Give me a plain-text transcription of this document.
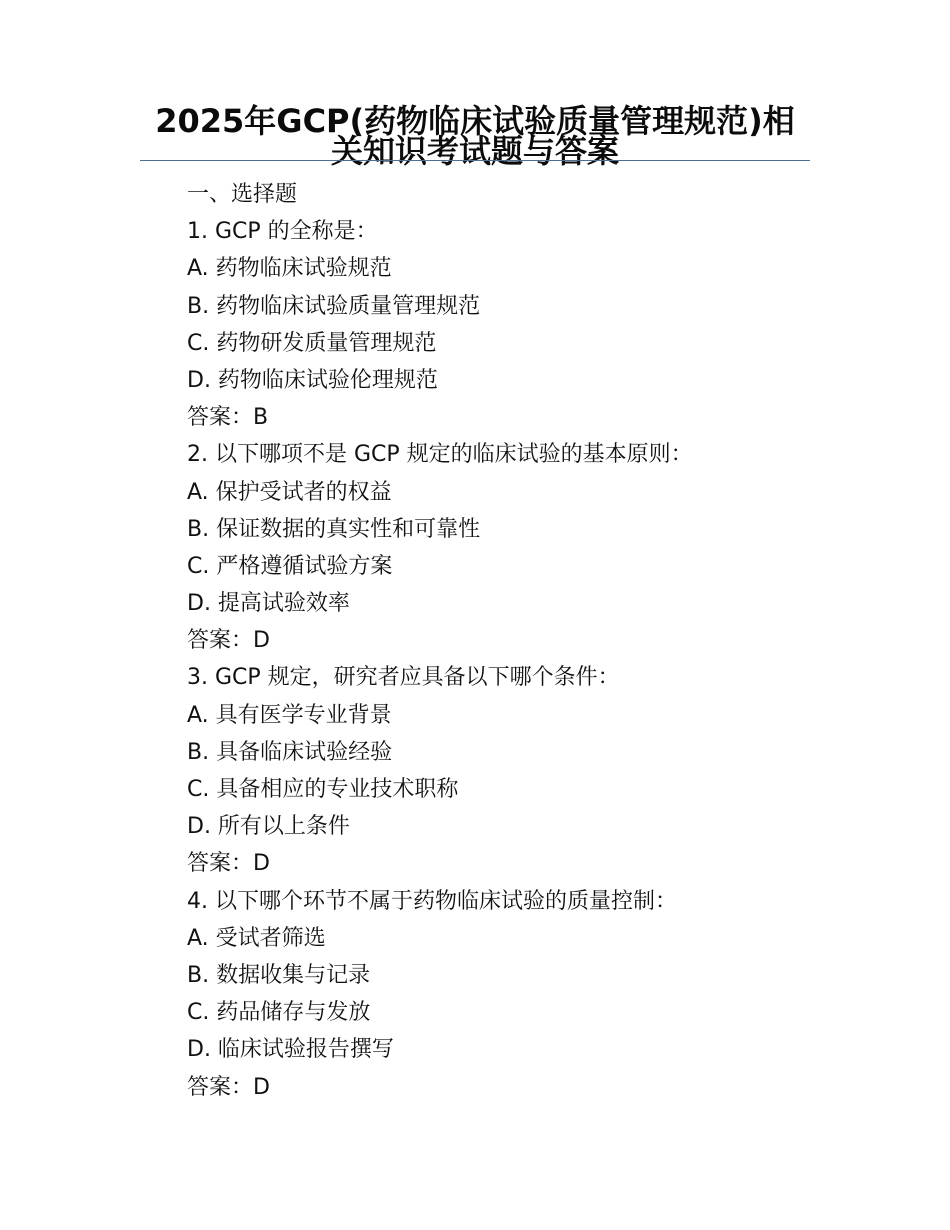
2025年GCP(药物临床试验质量管理规范)相关知识考试题与答案
一、选择题
1. GCP 的全称是：
A. 药物临床试验规范
B. 药物临床试验质量管理规范
C. 药物研发质量管理规范
D. 药物临床试验伦理规范
答案：B
2. 以下哪项不是 GCP 规定的临床试验的基本原则：
A. 保护受试者的权益
B. 保证数据的真实性和可靠性
C. 严格遵循试验方案
D. 提高试验效率
答案：D
3. GCP 规定，研究者应具备以下哪个条件：
A. 具有医学专业背景
B. 具备临床试验经验
C. 具备相应的专业技术职称
D. 所有以上条件
答案：D
4. 以下哪个环节不属于药物临床试验的质量控制：
A. 受试者筛选
B. 数据收集与记录
C. 药品储存与发放
D. 临床试验报告撰写
答案：D
